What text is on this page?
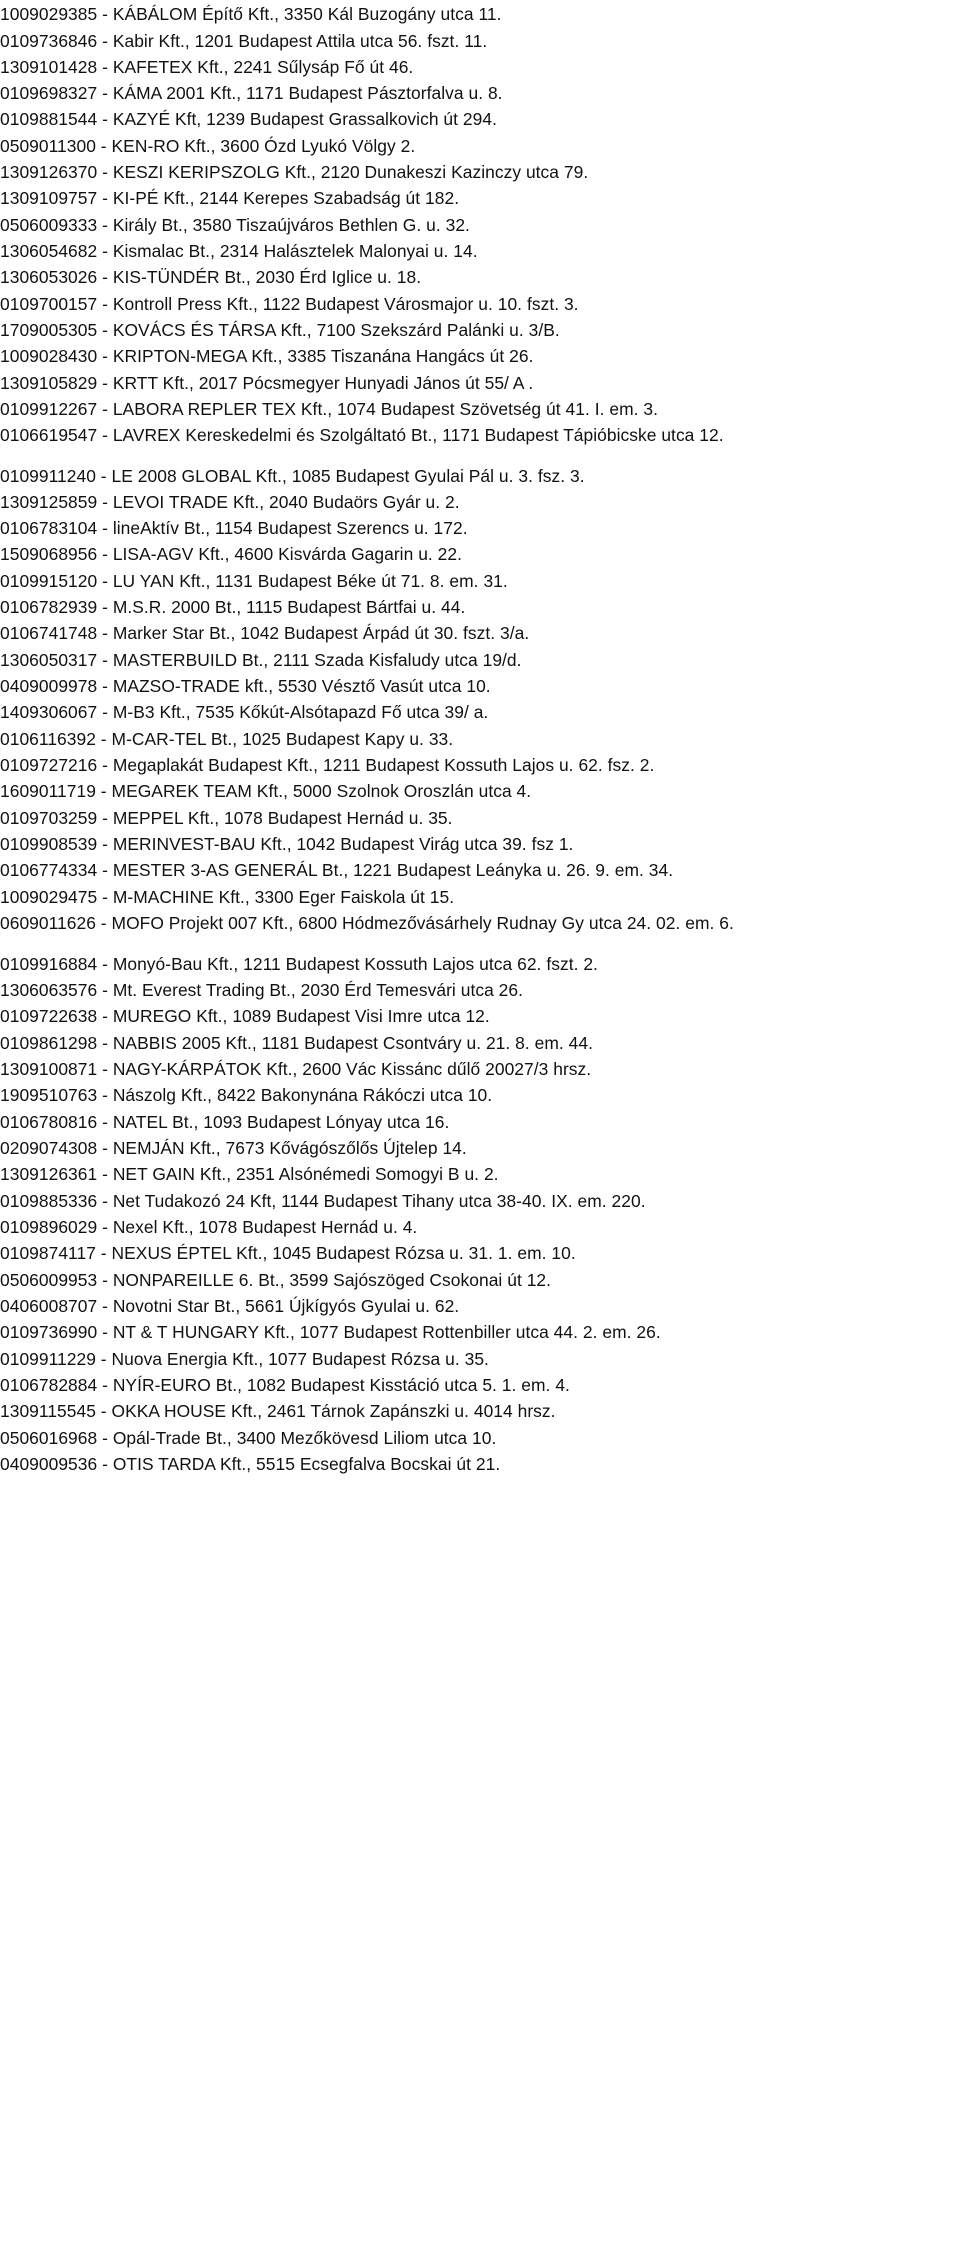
1009029385 - KÁBÁLOM Építő Kft., 3350 Kál Buzogány utca 11.
0109736846 - Kabir Kft., 1201 Budapest Attila utca 56. fszt. 11.
1309101428 - KAFETEX Kft., 2241 Sűlysáp Fő út 46.
0109698327 - KÁMA 2001 Kft., 1171 Budapest Pásztorfalva u. 8.
0109881544 - KAZYÉ Kft, 1239 Budapest Grassalkovich út 294.
0509011300 - KEN-RO Kft., 3600 Ózd Lyukó Völgy 2.
1309126370 - KESZI KERIPSZOLG Kft., 2120 Dunakeszi Kazinczy utca 79.
1309109757 - KI-PÉ Kft., 2144 Kerepes Szabadság út 182.
0506009333 - Király Bt., 3580 Tiszaújváros Bethlen G. u. 32.
1306054682 - Kismalac Bt., 2314 Halásztelek Malonyai u. 14.
1306053026 - KIS-TÜNDÉR Bt., 2030 Érd Iglice u. 18.
0109700157 - Kontroll Press Kft., 1122 Budapest Városmajor u. 10. fszt. 3.
1709005305 - KOVÁCS ÉS TÁRSA Kft., 7100 Szekszárd Palánki u. 3/B.
1009028430 - KRIPTON-MEGA Kft., 3385 Tiszanána Hangács út 26.
1309105829 - KRTT Kft., 2017 Pócsmegyer Hunyadi János út 55/ A .
0109912267 - LABORA REPLER TEX Kft., 1074 Budapest Szövetség út 41. I. em. 3.
0106619547 - LAVREX Kereskedelmi és Szolgáltató Bt., 1171 Budapest Tápióbicske utca 12.
0109911240 - LE 2008 GLOBAL Kft., 1085 Budapest Gyulai Pál u. 3. fsz. 3.
1309125859 - LEVOI TRADE Kft., 2040 Budaörs Gyár u. 2.
0106783104 - lineAktív Bt., 1154 Budapest Szerencs u. 172.
1509068956 - LISA-AGV Kft., 4600 Kisvárda Gagarin u. 22.
0109915120 - LU YAN Kft., 1131 Budapest Béke út 71. 8. em. 31.
0106782939 - M.S.R. 2000 Bt., 1115 Budapest Bártfai u. 44.
0106741748 - Marker Star Bt., 1042 Budapest Árpád út 30. fszt. 3/a.
1306050317 - MASTERBUILD Bt., 2111 Szada Kisfaludy utca 19/d.
0409009978 - MAZSO-TRADE kft., 5530 Vésztő Vasút utca 10.
1409306067 - M-B3 Kft., 7535 Kőkút-Alsótapazd Fő utca 39/ a.
0106116392 - M-CAR-TEL Bt., 1025 Budapest Kapy u. 33.
0109727216 - Megaplakát Budapest Kft., 1211 Budapest Kossuth Lajos u. 62. fsz. 2.
1609011719 - MEGAREK TEAM Kft., 5000 Szolnok Oroszlán utca 4.
0109703259 - MEPPEL Kft., 1078 Budapest Hernád u. 35.
0109908539 - MERINVEST-BAU Kft., 1042 Budapest Virág utca 39. fsz 1.
0106774334 - MESTER 3-AS GENERÁL Bt., 1221 Budapest Leányka u. 26. 9. em. 34.
1009029475 - M-MACHINE Kft., 3300 Eger Faiskola út 15.
0609011626 - MOFO Projekt 007 Kft., 6800 Hódmezővásárhely Rudnay Gy utca 24. 02. em. 6.
0109916884 - Monyó-Bau Kft., 1211 Budapest Kossuth Lajos utca 62. fszt. 2.
1306063576 - Mt. Everest Trading Bt., 2030 Érd Temesvári utca 26.
0109722638 - MUREGO Kft., 1089 Budapest Visi Imre utca 12.
0109861298 - NABBIS 2005 Kft., 1181 Budapest Csontváry u. 21. 8. em. 44.
1309100871 - NAGY-KÁRPÁTOK Kft., 2600 Vác Kissánc dűlő 20027/3 hrsz.
1909510763 - Nászolg Kft., 8422 Bakonynána Rákóczi utca 10.
0106780816 - NATEL Bt., 1093 Budapest Lónyay utca 16.
0209074308 - NEMJÁN Kft., 7673 Kővágószőlős Újtelep 14.
1309126361 - NET GAIN Kft., 2351 Alsónémedi Somogyi B u. 2.
0109885336 - Net Tudakozó 24 Kft, 1144 Budapest Tihany utca 38-40. IX. em. 220.
0109896029 - Nexel Kft., 1078 Budapest Hernád u. 4.
0109874117 - NEXUS ÉPTEL Kft., 1045 Budapest Rózsa u. 31. 1. em. 10.
0506009953 - NONPAREILLE 6. Bt., 3599 Sajószöged Csokonai út 12.
0406008707 - Novotni Star Bt., 5661 Újkígyós Gyulai u. 62.
0109736990 - NT & T HUNGARY Kft., 1077 Budapest Rottenbiller utca 44. 2. em. 26.
0109911229 - Nuova Energia Kft., 1077 Budapest Rózsa u. 35.
0106782884 - NYÍR-EURO Bt., 1082 Budapest Kisstáció utca 5. 1. em. 4.
1309115545 - OKKA HOUSE Kft., 2461 Tárnok Zapánszki u. 4014 hrsz.
0506016968 - Opál-Trade Bt., 3400 Mezőkövesd Liliom utca 10.
0409009536 - OTIS TARDA Kft., 5515 Ecsegfalva Bocskai út 21.
